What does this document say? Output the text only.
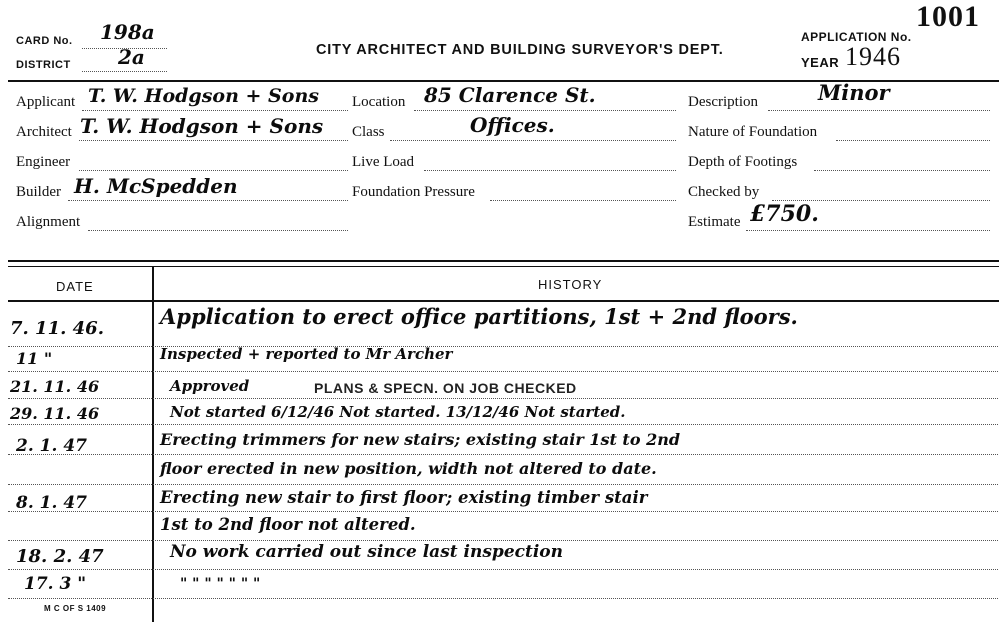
CARD No. 198a
DISTRICT 2a	CITY ARCHITECT AND BUILDING SURVEYOR'S DEPT.
APPLICATION No.
1001
YEAR 1946
Applicant T. W. Hodgson + Sons
Architect T. W. Hodgson + Sons
Engineer
Builder H. McSpedden
Alignment
Location 85 Clarence St.
Class	Offices.
Live Load
Foundation Pressure
Description	Minor
Nature of Foundation
Depth of Footings
Checked by
Estimate £750.
DATE	HISTORY
7. 11. 46.	Application to erect office partitions, 1st + 2nd floors.
11 "	Inspected + reported to Mr Archer
21. 11. 46	Approved	PLANS & SPECN. ON JOB CHECKED
29. 11. 46	Not started 6/12/46 Not started. 13/12/46 Not started.
2. 1. 47	Erecting trimmers for new stairs; existing stair 1st to 2nd
floor erected in new position, width not altered to date.
8. 1. 47	Erecting new stair to first floor; existing timber stair
1st to 2nd floor not altered.
18. 2. 47	No work carried out since last inspection
17. 3 "	" " " " " " "
M C OF S 1409
